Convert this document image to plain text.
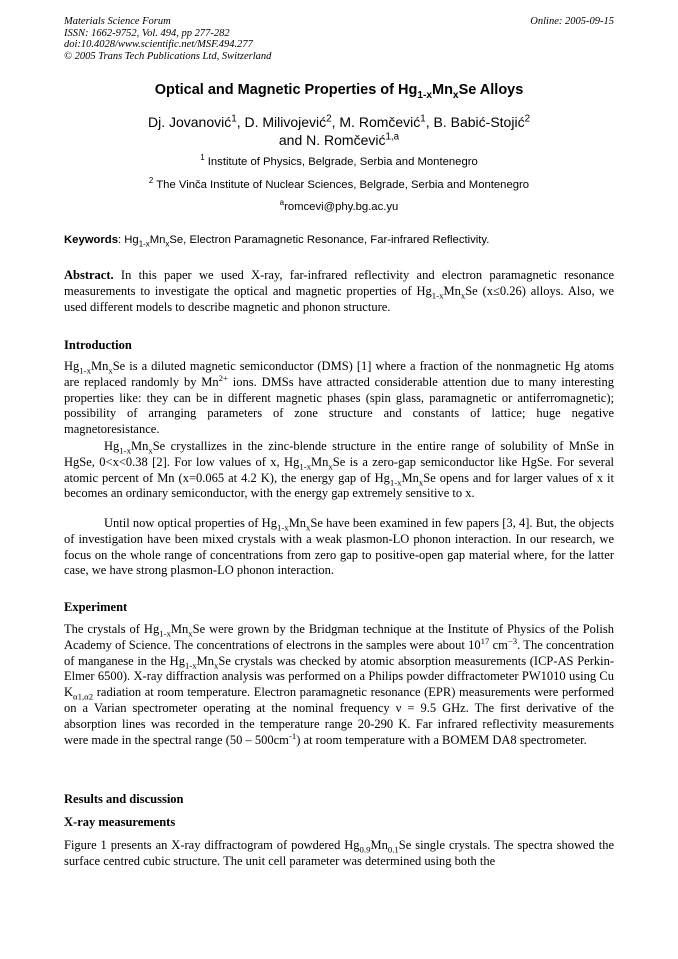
Materials Science Forum
ISSN: 1662-9752, Vol. 494, pp 277-282
doi:10.4028/www.scientific.net/MSF.494.277
© 2005 Trans Tech Publications Ltd, Switzerland
Online: 2005-09-15
Optical and Magnetic Properties of $Hg_{1-x}Mn_xSe$ Alloys
Dj. Jovanović$^1$, D. Milivojević$^2$, M. Romčević$^1$, B. Babić-Stojić$^2$
and N. Romčević$^{1,a}$
$^1$ Institute of Physics, Belgrade, Serbia and Montenegro
$^2$ The Vinča Institute of Nuclear Sciences, Belgrade, Serbia and Montenegro
$^a$romcevi@phy.bg.ac.yu
Keywords: $Hg_{1-x}Mn_xSe$, Electron Paramagnetic Resonance, Far-infrared Reflectivity.
Abstract. In this paper we used X-ray, far-infrared reflectivity and electron paramagnetic resonance measurements to investigate the optical and magnetic properties of $Hg_{1-x}Mn_xSe$ (x≤0.26) alloys. Also, we used different models to describe magnetic and phonon structure.
Introduction
$Hg_{1-x}Mn_xSe$ is a diluted magnetic semiconductor (DMS) [1] where a fraction of the nonmagnetic Hg atoms are replaced randomly by $Mn^{2+}$ ions. DMSs have attracted considerable attention due to many interesting properties like: they can be in different magnetic phases (spin glass, paramagnetic or antiferromagnetic); possibility of arranging parameters of zone structure and constants of lattice; huge negative magnetoresistance.
$Hg_{1-x}Mn_xSe$ crystallizes in the zinc-blende structure in the entire range of solubility of MnSe in HgSe, 0<x<0.38 [2]. For low values of x, $Hg_{1-x}Mn_xSe$ is a zero-gap semiconductor like HgSe. For several atomic percent of Mn (x=0.065 at 4.2 K), the energy gap of $Hg_{1-x}Mn_xSe$ opens and for larger values of x it becomes an ordinary semiconductor, with the energy gap extremely sensitive to x.
Until now optical properties of $Hg_{1-x}Mn_xSe$ have been examined in few papers [3, 4]. But, the objects of investigation have been mixed crystals with a weak plasmon-LO phonon interaction. In our research, we focus on the whole range of concentrations from zero gap to positive-open gap material where, for the latter case, we have strong plasmon-LO phonon interaction.
Experiment
The crystals of $Hg_{1-x}Mn_xSe$ were grown by the Bridgman technique at the Institute of Physics of the Polish Academy of Science. The concentrations of electrons in the samples were about $10^{17}$ $cm^{-3}$. The concentration of manganese in the $Hg_{1-x}Mn_xSe$ crystals was checked by atomic absorption measurements (ICP-AS Perkin-Elmer 6500). X-ray diffraction analysis was performed on a Philips powder diffractometer PW1010 using Cu $K_{\alpha 1,\alpha 2}$ radiation at room temperature. Electron paramagnetic resonance (EPR) measurements were performed on a Varian spectrometer operating at the nominal frequency ν = 9.5 GHz. The first derivative of the absorption lines was recorded in the temperature range 20-290 K. Far infrared reflectivity measurements were made in the spectral range $(50 - 500cm^{-1})$ at room temperature with a BOMEM DA8 spectrometer.
Results and discussion
X-ray measurements
Figure 1 presents an X-ray diffractogram of powdered $Hg_{0.9}Mn_{0.1}Se$ single crystals. The spectra showed the surface centred cubic structure. The unit cell parameter was determined using both the
